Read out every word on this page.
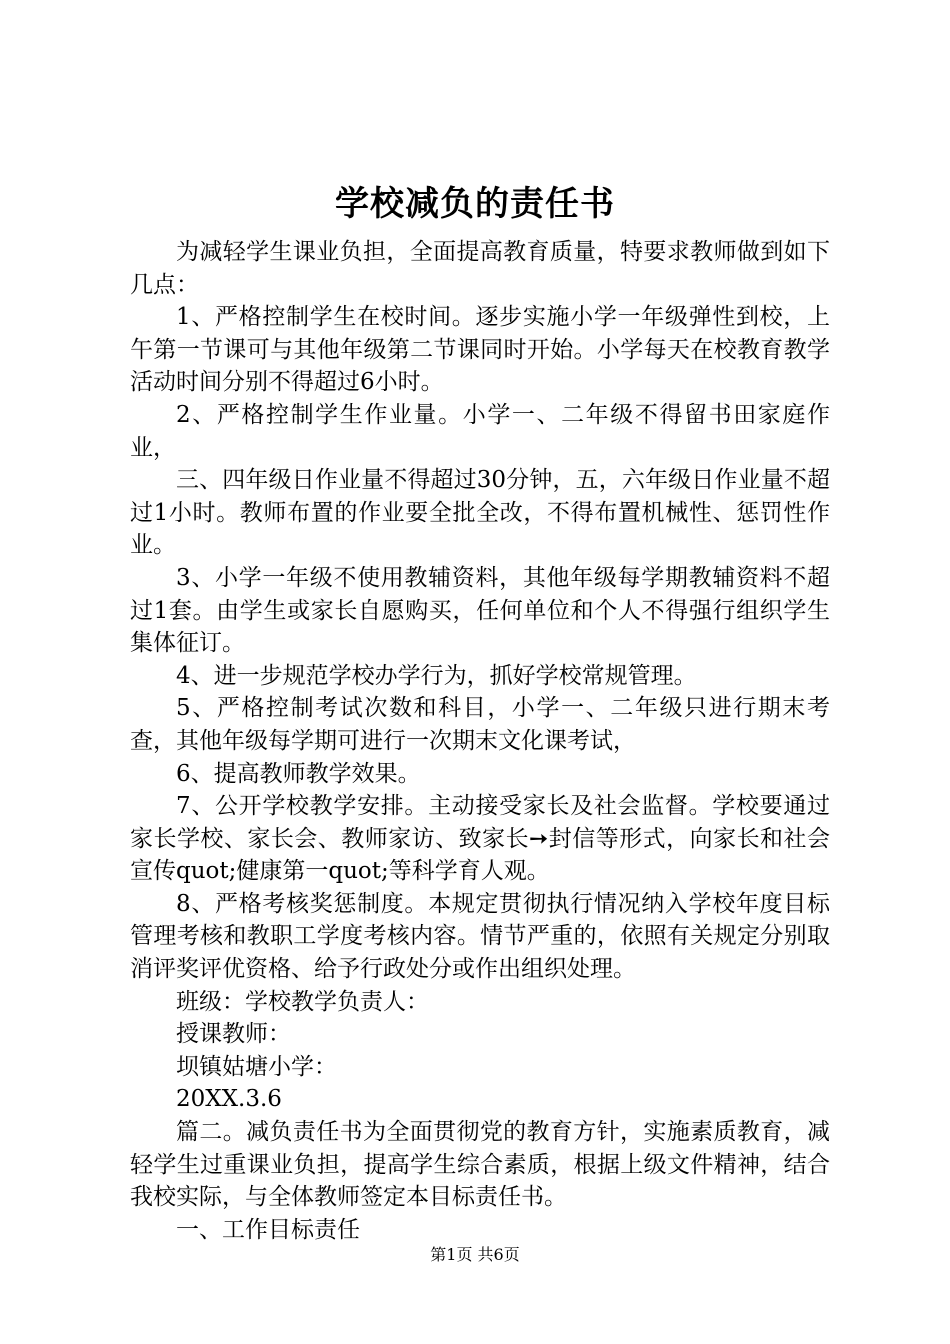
学校减负的责任书

为减轻学生课业负担，全面提高教育质量，特要求教师做到如下几点：

1、严格控制学生在校时间。逐步实施小学一年级弹性到校，上午第一节课可与其他年级第二节课同时开始。小学每天在校教育教学活动时间分别不得超过6小时。

2、严格控制学生作业量。小学一、二年级不得留书田家庭作业，

三、四年级日作业量不得超过30分钟，五，六年级日作业量不超过1小时。教师布置的作业要全批全改，不得布置机械性、惩罚性作业。

3、小学一年级不使用教辅资料，其他年级每学期教辅资料不超过1套。由学生或家长自愿购买，任何单位和个人不得强行组织学生集体征订。

4、进一步规范学校办学行为，抓好学校常规管理。

5、严格控制考试次数和科目，小学一、二年级只进行期末考查，其他年级每学期可进行一次期末文化课考试，

6、提高教师教学效果。

7、公开学校教学安排。主动接受家长及社会监督。学校要通过家长学校、家长会、教师家访、致家长➙封信等形式，向家长和社会宣传quot;健康第一quot;等科学育人观。

8、严格考核奖惩制度。本规定贯彻执行情况纳入学校年度目标管理考核和教职工学度考核内容。情节严重的，依照有关规定分别取消评奖评优资格、给予行政处分或作出组织处理。

班级：学校教学负责人：

授课教师：

坝镇姑塘小学：

20XX.3.6

篇二。减负责任书为全面贯彻党的教育方针，实施素质教育，减轻学生过重课业负担，提高学生综合素质，根据上级文件精神，结合我校实际，与全体教师签定本目标责任书。

一、工作目标责任

第1页 共6页
